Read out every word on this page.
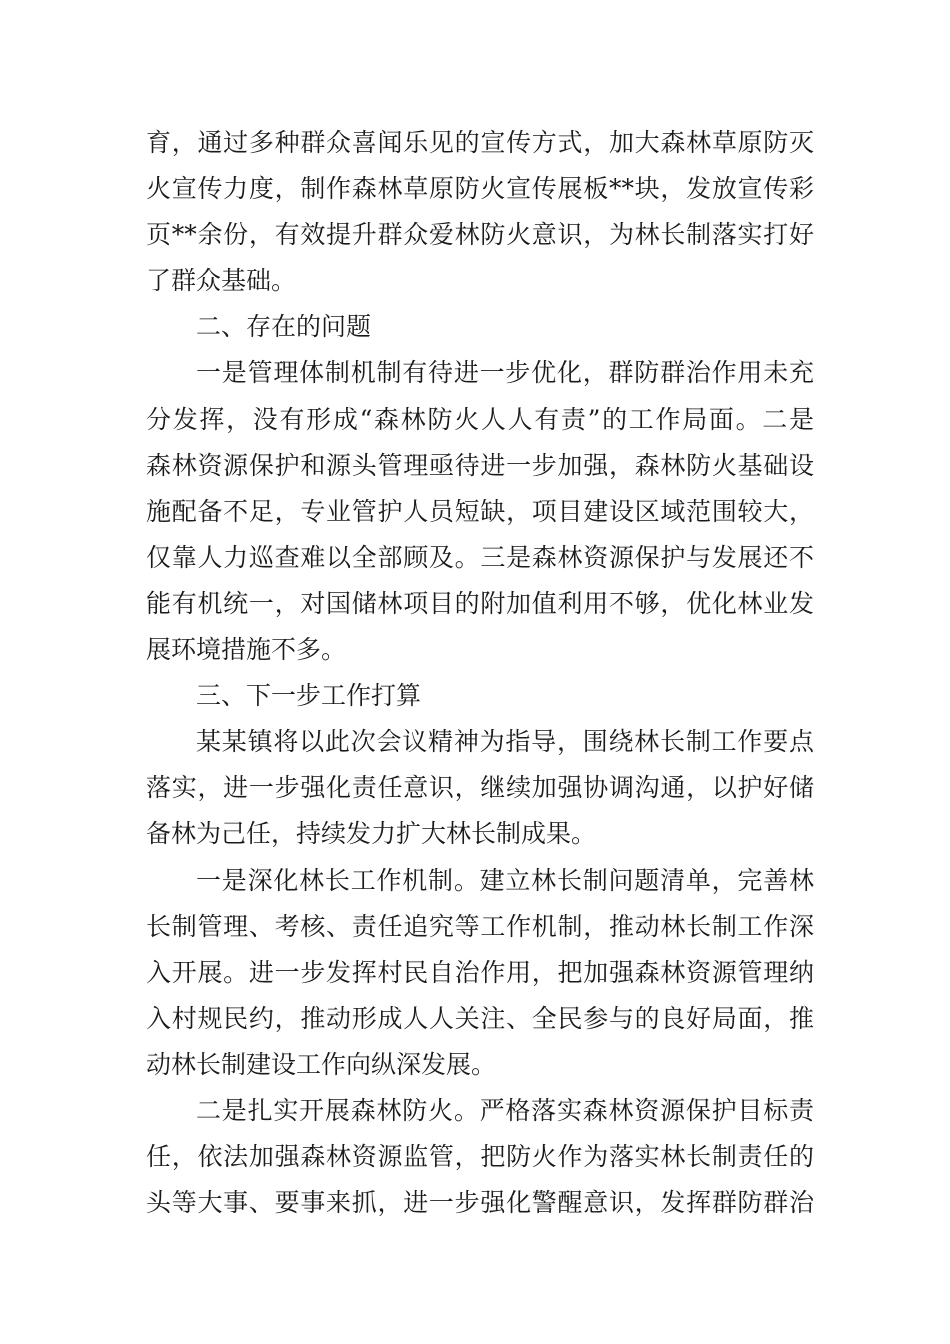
育，通过多种群众喜闻乐见的宣传方式，加大森林草原防灭
火宣传力度，制作森林草原防火宣传展板**块，发放宣传彩
页**余份，有效提升群众爱林防火意识，为林长制落实打好
了群众基础。
二、存在的问题
一是管理体制机制有待进一步优化，群防群治作用未充
分发挥，没有形成“森林防火人人有责”的工作局面。二是
森林资源保护和源头管理亟待进一步加强，森林防火基础设
施配备不足，专业管护人员短缺，项目建设区域范围较大，
仅靠人力巡查难以全部顾及。三是森林资源保护与发展还不
能有机统一，对国储林项目的附加值利用不够，优化林业发
展环境措施不多。
三、下一步工作打算
某某镇将以此次会议精神为指导，围绕林长制工作要点
落实，进一步强化责任意识，继续加强协调沟通，以护好储
备林为己任，持续发力扩大林长制成果。
一是深化林长工作机制。建立林长制问题清单，完善林
长制管理、考核、责任追究等工作机制，推动林长制工作深
入开展。进一步发挥村民自治作用，把加强森林资源管理纳
入村规民约，推动形成人人关注、全民参与的良好局面，推
动林长制建设工作向纵深发展。
二是扎实开展森林防火。严格落实森林资源保护目标责
任，依法加强森林资源监管，把防火作为落实林长制责任的
头等大事、要事来抓，进一步强化警醒意识，发挥群防群治
